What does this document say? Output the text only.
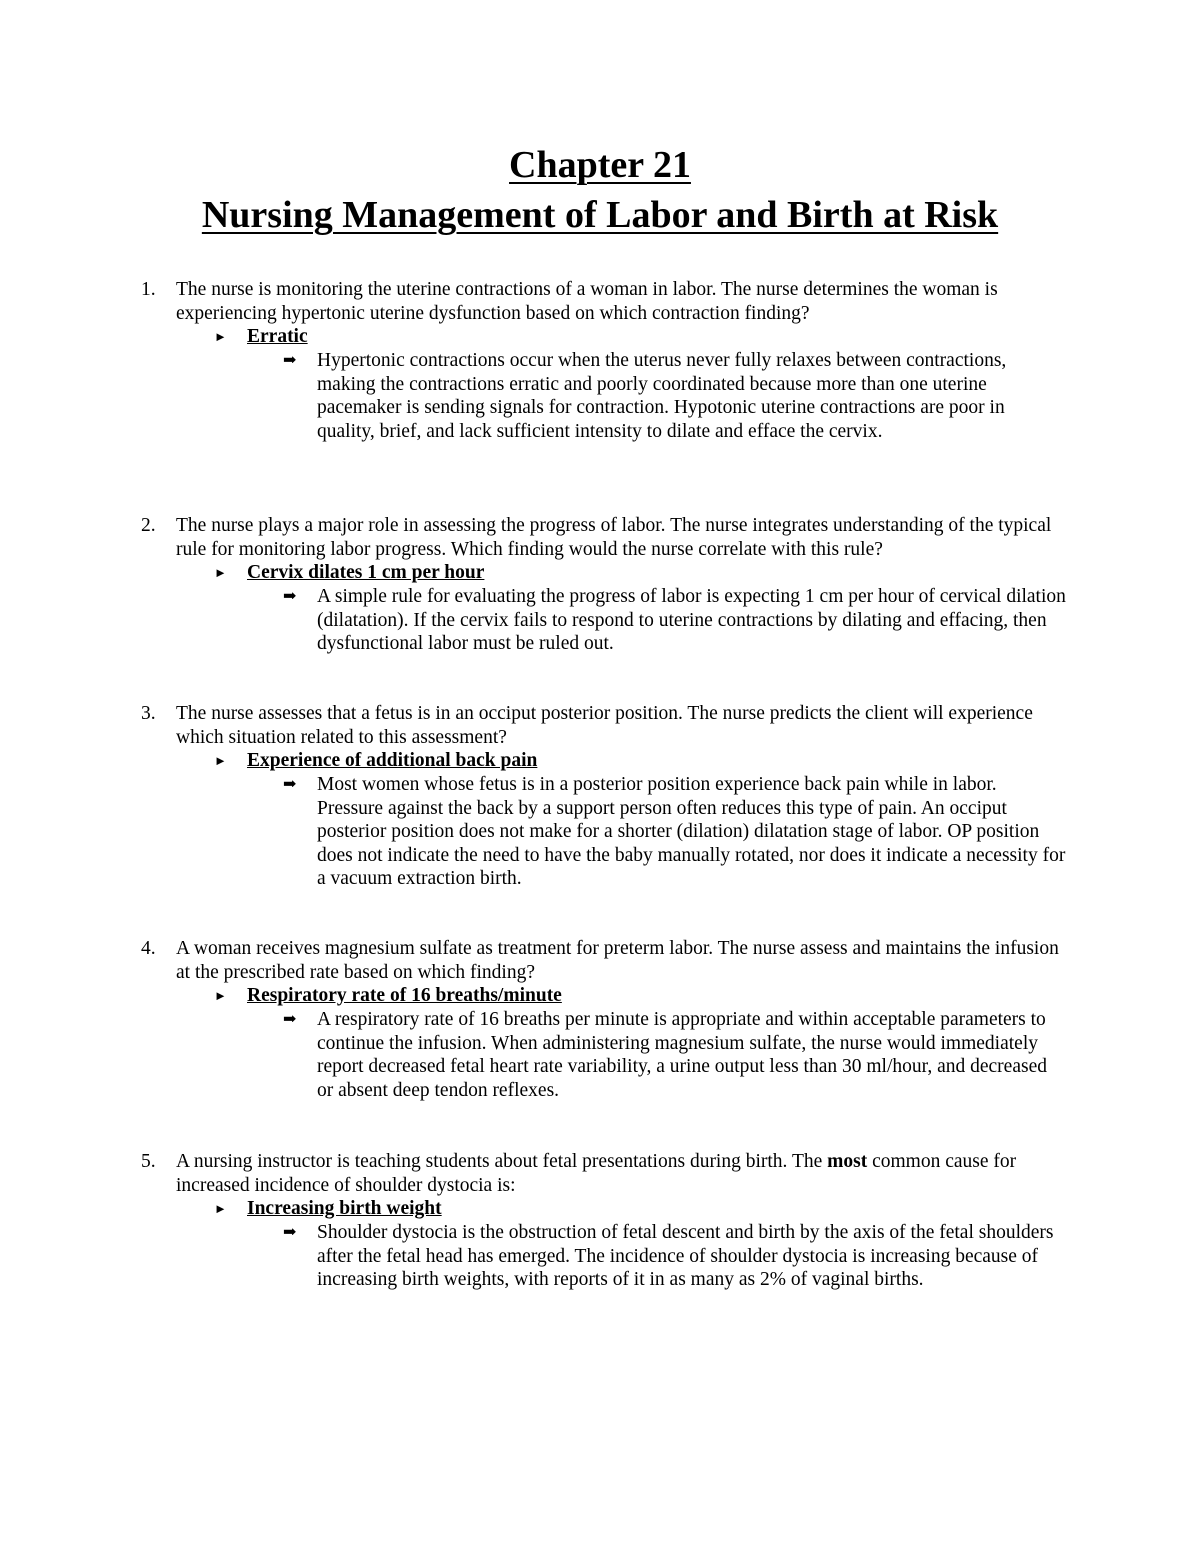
Chapter 21

Nursing Management of Labor and Birth at Risk

1. The nurse is monitoring the uterine contractions of a woman in labor. The nurse determines the woman is experiencing hypertonic uterine dysfunction based on which contraction finding?

► Erratic
➡ Hypertonic contractions occur when the uterus never fully relaxes between contractions, making the contractions erratic and poorly coordinated because more than one uterine pacemaker is sending signals for contraction. Hypotonic uterine contractions are poor in quality, brief, and lack sufficient intensity to dilate and efface the cervix.

2. The nurse plays a major role in assessing the progress of labor. The nurse integrates understanding of the typical rule for monitoring labor progress. Which finding would the nurse correlate with this rule?

► Cervix dilates 1 cm per hour
➡ A simple rule for evaluating the progress of labor is expecting 1 cm per hour of cervical dilation (dilatation). If the cervix fails to respond to uterine contractions by dilating and effacing, then dysfunctional labor must be ruled out.

3. The nurse assesses that a fetus is in an occiput posterior position. The nurse predicts the client will experience which situation related to this assessment?

► Experience of additional back pain
➡ Most women whose fetus is in a posterior position experience back pain while in labor. Pressure against the back by a support person often reduces this type of pain. An occiput posterior position does not make for a shorter (dilation) dilatation stage of labor. OP position does not indicate the need to have the baby manually rotated, nor does it indicate a necessity for a vacuum extraction birth.

4. A woman receives magnesium sulfate as treatment for preterm labor. The nurse assess and maintains the infusion at the prescribed rate based on which finding?

► Respiratory rate of 16 breaths/minute
➡ A respiratory rate of 16 breaths per minute is appropriate and within acceptable parameters to continue the infusion. When administering magnesium sulfate, the nurse would immediately report decreased fetal heart rate variability, a urine output less than 30 ml/hour, and decreased or absent deep tendon reflexes.

5. A nursing instructor is teaching students about fetal presentations during birth. The most common cause for increased incidence of shoulder dystocia is:

► Increasing birth weight
➡ Shoulder dystocia is the obstruction of fetal descent and birth by the axis of the fetal shoulders after the fetal head has emerged. The incidence of shoulder dystocia is increasing because of increasing birth weights, with reports of it in as many as 2% of vaginal births.
